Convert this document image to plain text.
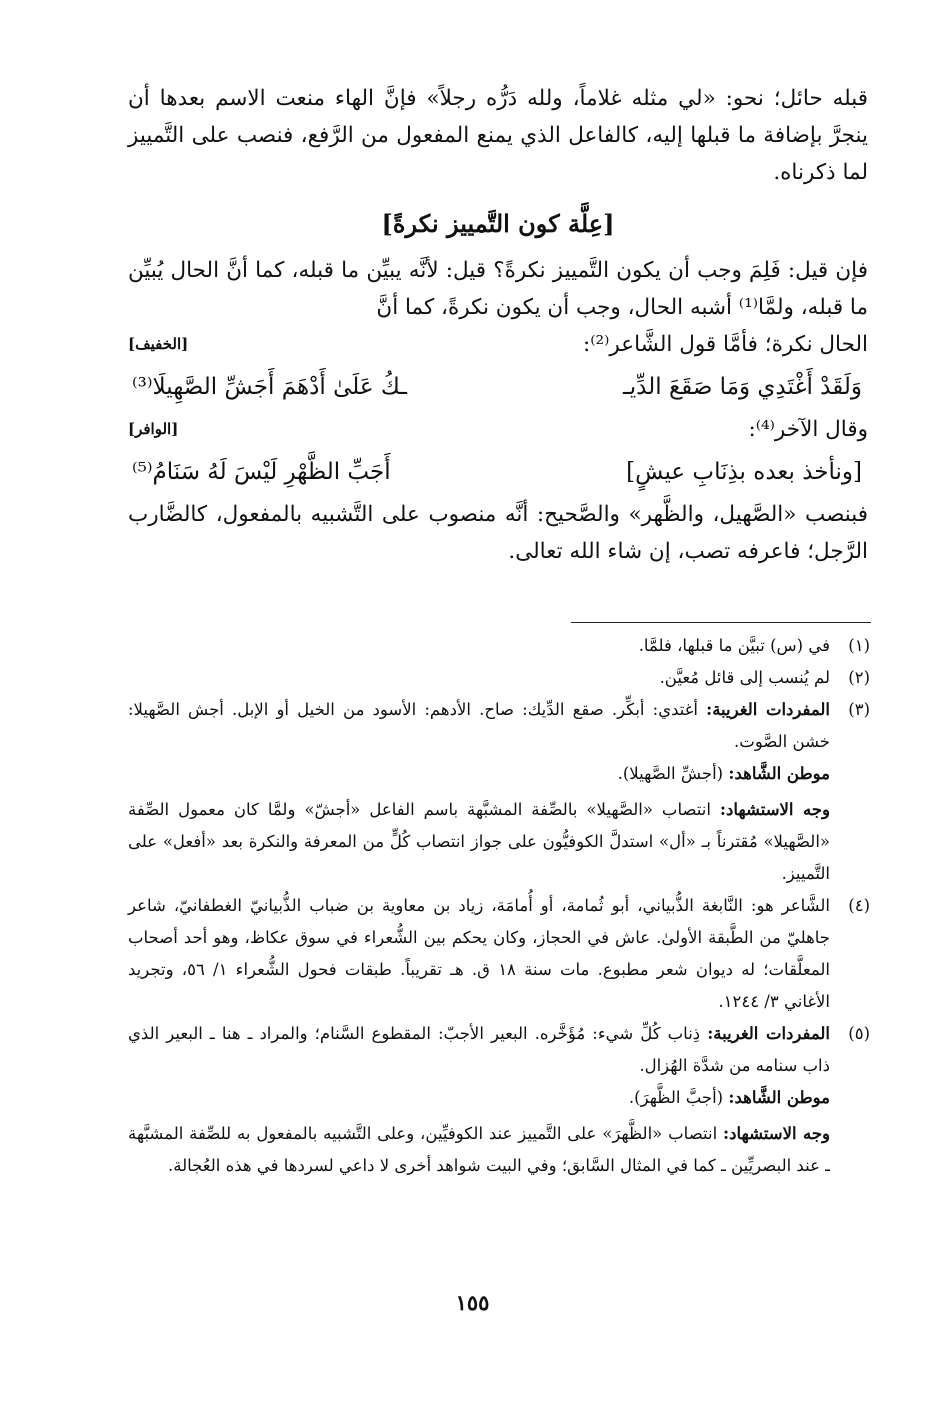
قبله حائل؛ نحو: «لي مثله غلاماً، ولله دَرُّه رجلاً» فإنَّ الهاء منعت الاسم بعدها أن ينجرَّ بإضافة ما قبلها إليه، كالفاعل الذي يمنع المفعول من الرَّفع، فنصب على التَّمييز لما ذكرناه.

[عِلَّة كون التَّمييز نكرةً]

فإن قيل: فَلِمَ وجب أن يكون التَّمييز نكرةً؟ قيل: لأنَّه يبيِّن ما قبله، كما أنَّ الحال يُبيِّن ما قبله، ولمَّا⁽¹⁾ أشبه الحال، وجب أن يكون نكرةً، كما أنَّ

الحال نكرة؛ فأمَّا قول الشَّاعر⁽²⁾:
[الخفيف]
وَلَقَدْ أَغْتَدِي وَمَا صَقَعَ الدِّيـ
ـكُ عَلَىٰ أَدْهَمَ أَجَشِّ الصَّهِيلَا⁽³⁾
وقال الآخر⁽⁴⁾:
[الوافر]
[ونأخذ بعده بذِنَابِ عيشٍ]
أَجَبِّ الظَّهْرِ لَيْسَ لَهُ سَنَامُ⁽⁵⁾

فبنصب «الصَّهيل، والظَّهر» والصَّحيح: أنَّه منصوب على التَّشبيه بالمفعول، كالضَّارب الرَّجل؛ فاعرفه تصب، إن شاء الله تعالى.

(١)

في (س) تبيَّن ما قبلها، فلمَّا.

(٢)

لم يُنسب إلى قائل مُعيَّن.

(٣)

المفردات الغريبة: أغتدي: أبكِّر. صقع الدِّيك: صاح. الأدهم: الأسود من الخيل أو الإبل. أجش الصَّهيلا: خشن الصَّوت.

موطن الشَّاهد: (أجشِّ الصَّهيلا).

وجه الاستشهاد: انتصاب «الصَّهيلا» بالصِّفة المشبَّهة باسم الفاعل «أجشّ» ولمَّا كان معمول الصِّفة «الصَّهيلا» مُقترناً بـ «أل» استدلَّ الكوفيُّون على جواز انتصاب كُلٍّ من المعرفة والنكرة بعد «أفعل» على التَّمييز.

(٤)

الشَّاعر هو: النَّابغة الذُّبياني، أبو ثُمامة، أو أُمامَة، زياد بن معاوية بن ضباب الذُّبيانيّ الغطفانيّ، شاعر جاهليّ من الطَّبقة الأولىٰ. عاش في الحجاز، وكان يحكم بين الشُّعراء في سوق عكاظ، وهو أحد أصحاب المعلَّقات؛ له ديوان شعر مطبوع. مات سنة ١٨ ق. هـ تقريباً. طبقات فحول الشُّعراء ١/ ٥٦، وتجريد الأغاني ٣/ ١٢٤٤.

(٥)

المفردات الغريبة: ذِناب كُلِّ شيء: مُؤَخَّره. البعير الأجبّ: المقطوع السَّنام؛ والمراد ـ هنا ـ البعير الذي ذاب سنامه من شدَّة الهُزال.

موطن الشَّاهد: (أجبَّ الظَّهرَ).

وجه الاستشهاد: انتصاب «الظَّهرَ» على التَّمييز عند الكوفيِّين، وعلى التَّشبيه بالمفعول به للصِّفة المشبَّهة ـ عند البصريِّين ـ كما في المثال السَّابق؛ وفي البيت شواهد أخرى لا داعي لسردها في هذه العُجالة.

١٥٥
